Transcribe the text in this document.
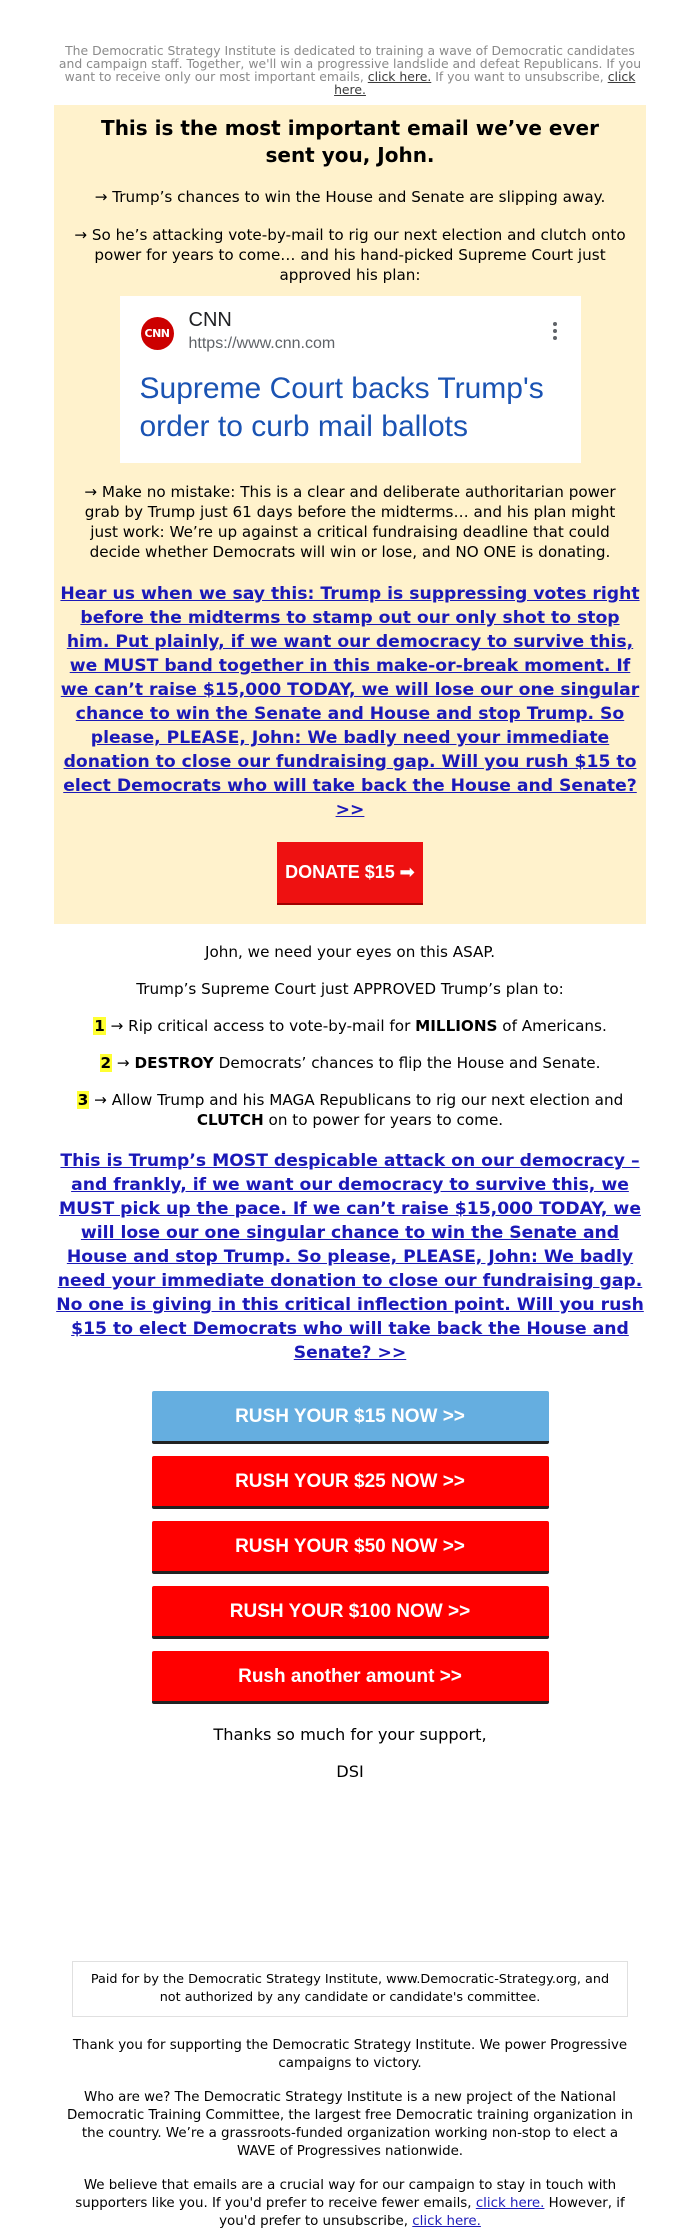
The Democratic Strategy Institute is dedicated to training a wave of Democratic candidates and campaign staff. Together, we'll win a progressive landslide and defeat Republicans. If you want to receive only our most important emails, click here. If you want to unsubscribe, click here.
This is the most important email we’ve ever sent you, John.

→ Trump’s chances to win the House and Senate are slipping away.

→ So he’s attacking vote-by-mail to rig our next election and clutch onto power for years to come… and his hand-picked Supreme Court just approved his plan:

CNN
CNN
https://www.cnn.com
Supreme Court backs Trump's order to curb mail ballots

→ Make no mistake: This is a clear and deliberate authoritarian power grab by Trump just 61 days before the midterms… and his plan might just work: We’re up against a critical fundraising deadline that could decide whether Democrats will win or lose, and NO ONE is donating.

Hear us when we say this: Trump is suppressing votes right before the midterms to stamp out our only shot to stop him. Put plainly, if we want our democracy to survive this, we MUST band together in this make-or-break moment. If we can’t raise $15,000 TODAY, we will lose our one singular chance to win the Senate and House and stop Trump. So please, PLEASE, John: We badly need your immediate donation to close our fundraising gap. Will you rush $15 to elect Democrats who will take back the House and Senate? >>
DONATE $15 ➟

John, we need your eyes on this ASAP.

Trump’s Supreme Court just APPROVED Trump’s plan to:

1 → Rip critical access to vote-by-mail for MILLIONS of Americans.

2 → DESTROY Democrats’ chances to flip the House and Senate.

3 → Allow Trump and his MAGA Republicans to rig our next election and CLUTCH on to power for years to come.

This is Trump’s MOST despicable attack on our democracy – and frankly, if we want our democracy to survive this, we MUST pick up the pace. If we can’t raise $15,000 TODAY, we will lose our one singular chance to win the Senate and House and stop Trump. So please, PLEASE, John: We badly need your immediate donation to close our fundraising gap. No one is giving in this critical inflection point. Will you rush $15 to elect Democrats who will take back the House and Senate? >>
RUSH YOUR $15 NOW >>
RUSH YOUR $25 NOW >>
RUSH YOUR $50 NOW >>
RUSH YOUR $100 NOW >>
Rush another amount >>

Thanks so much for your support,

DSI

Paid for by the Democratic Strategy Institute, www.Democratic-Strategy.org, and not authorized by any candidate or candidate's committee.

Thank you for supporting the Democratic Strategy Institute. We power Progressive campaigns to victory.

Who are we? The Democratic Strategy Institute is a new project of the National Democratic Training Committee, the largest free Democratic training organization in the country. We’re a grassroots-funded organization working non-stop to elect a WAVE of Progressives nationwide.

We believe that emails are a crucial way for our campaign to stay in touch with supporters like you. If you'd prefer to receive fewer emails, click here. However, if you'd prefer to unsubscribe, click here.
